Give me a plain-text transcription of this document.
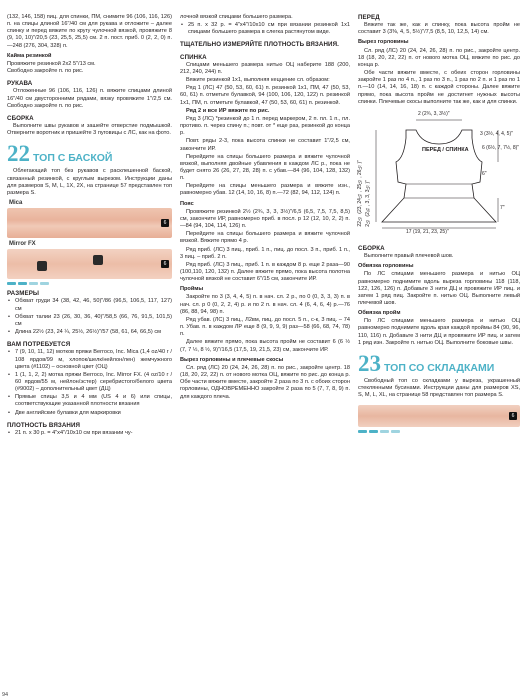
(132, 146, 158) пиц. для спинки, ПМ, снимите 96 (106, 116, 126) п. на спицы длиной 16"/40 см для рукава и отложите – далее спинку и перед вяжите по кругу чулочной вязкой, провяжите 8 (9, 10, 10)"/20,5 (23, 25,5, 25,5) см. 2 п. пост. приб. 0 (2, 2, 0) п.—248 (276, 304, 328) п.

Кайма резинкой

Провяжите резинкой 2х2 5"/13 см.
Свободно закройте п. по рис.

РУКАВА

Отложенные 96 (106, 116, 126) п. вяжите спицами длиной 16"/40 см двусторонними рядами, вязку провяжите 1"/2,5 см. Свободно закройте п. по рис.

СБОРКА

Выполните швы рукавов и зашейте отверстие подмышкой. Отверните воротник и пришейте 3 пуговицы с ЛС, как на фото.

22 ТОП С БАСКОЙ

Облегающий топ без рукавов с расклешенной баской, связанный резинкой, с круглым вырезом. Инструкции даны для размеров S, M, L, 1X, 2X, на странице 57 представлен топ размера S.

Mica
6
Mirror FX
6
РАЗМЕРЫ
• Обхват груди 34 (38, 42, 46, 50)"/86 (96,5, 106,5, 117, 127) см
• Обхват талии 23 (26, 30, 36, 40)"/58,5 (66, 76, 91,5, 101,5) см
• Длина 22½ (23, 24 ¼, 25½, 26½)"/57 (58, 61, 64, 66,5) см
ВАМ ПОТРЕБУЕТСЯ
• 7 (9, 10, 11, 12) мотков пряжи Berroco, Inc. Mica (1,4 oz/40 г / 108 ярдов/99 м, хлопок/шелк/нейлон/лен) жемчужного цвета (#1102) – основной цвет (ОЦ)
• 1 (1, 1, 2, 2) мотка пряжи Berroco, Inc. Mirror FX. (4 oz/10 г / 60 ярдов/55 м, нейлон/эстер) серебристого/белого цвета (#9002) – дополнительный цвет (ДЦ)
• Прямые спицы 3,5 и 4 мм (US 4 и 6) или спицы, соответствующие указанной плотности вязания
• Две английские булавки для маркировки
ПЛОТНОСТЬ ВЯЗАНИЯ
• 21 п. х 30 р. = 4"х4"/10х10 см при вязании чу-

лочной вязкой спицами большего размера.

• 25 п. х 32 р. = 4"х4"/10х10 см при вязании резинкой 1х1 спицами большего размера в слегка растянутом виде.
ТЩАТЕЛЬНО ИЗМЕРЯЙТЕ ПЛОТНОСТЬ ВЯЗАНИЯ.
СПИНКА

Спицами меньшего размера нитью ОЦ наберите 188 (200, 212, 240, 244) п.

Вяжите резинкой 1х1, выполняя кеццение сл. образом:

Ряд 1 (ЛС) 47 (50, 53, 60, 61) п. резинкой 1х1, ПМ, 47 (50, 53, 60, 61) п. отметьте булавкой, 94 (100, 106, 120, 122) п. резинкой 1х1, ПМ, п. отметьте булавкой, 47 (50, 53, 60, 61) п. резинкой.

Ряд 2 и все ИР вяжите по рис.

Ряд 3 (ЛС) *резинкой до 1 п. перед маркером, 2 п. пл. 1 п., пл. противо. п. через спину п.; повт. от * еще раз, резинкой до конца р.

Повт. ряды 2-3, пока высота спинки не составит 1"/2,5 см, закончите ИР.

Перейдите на спицы большего размера и вяжите чулочной вязкой, выполняя двойные убавления в каждом ЛС р., пока не будет снято 26 (26, 27, 28, 28) п. с убав.—84 (96, 104, 128, 132) п.

Перейдите на спицы меньшего размера и вяжите изн., равномерно убав. 12 (14, 10, 16, 8) п.—72 (82, 94, 112, 124) п.

Пояс

Провяжите резинкой 2½ (2¾, 3, 3, 3½)"/6,5 (6,5, 7,5, 7,5, 8,5) см, закончите ИР, равномерно приб. в посл. р 12 (12, 10, 2, 2) п.—84 (94, 104, 114, 126) п.

Перейдите на спицы большего размера и вяжите чулочной вязкой. Вяжите прямо 4 р.

Ряд приб. (ЛС) 3 пиц., приб. 1 п., пиц. до посл. 3 п., приб. 1 п., 3 пиц. – приб. 2 п.

Ряд приб. (ЛС) 3 пиц., приб. 1 п. в каждом 8 р. еще 2 раза—90 (100,110, 120, 132) п. Далее вяжите прямо, пока высота полотна чулочной вязкой не составит 6"/15 см, закончите ИР.

Проймы

Закройте по 3 (3, 4, 4, 5) п. в нач. сл. 2 р., по 0 (0, 3, 3, 3) п. в нач. сл. р 0 (0, 2, 2, 4) р. и по 2 п. в нач. сл. 4 (6, 4, 6, 4) р.—76 (86, 88, 94, 98) п.

Ряд убав. (ЛС) 3 пиц., Л2вм, пиц. до посл. 5 п., с-к, 3 пиц. – 74 п. Убав. п. в каждом ЛР еще 8 (9, 9, 9, 9) раз—58 (66, 68, 74, 78) п.

Далее вяжите прямо, пока высота пройм не составит 6 (6 ½ (7, 7 ½, 8 ½, 9)"/16,5 (17,5, 19, 21,5, 23) см, закончите ИР.

Вырез горловины и плечевые скосы

Сл. ряд (ЛС) 20 (24, 24, 26, 28) п. по рис., закройте центр. 18 (18, 20, 22, 22) п. от нового мотка ОЦ, вяжите по рис. до конца р. Обе части вяжите вместе, закройте 2 раза по 3 п. с обоих сторон горловины, ОДНОВРЕМЕННО закройте 2 раза по 5 (7, 7, 8, 9) п. для каждого плеча.

ПЕРЕД

Вяжите так же, как и спинку, пока высота пройм не составит 3 (3⅜, 4, 5, 5½)"/7,5 (8,5, 10, 12,5, 14) см.

Вырез горловины

Сл. ряд (ЛС) 20 (24, 24, 26, 28) п. по рис., закройте центр. 18 (18, 20, 22, 22) п. от нового мотка ОЦ, вяжите по рис. до конца р.

Обе части вяжите вместе, с обеих сторон горловины закройте 1 раз по 4 п., 1 раз по 3 п., 1 раз по 2 п. и 1 раз по 1 п.—10 (14, 14, 16, 18) п. с каждой стороны. Далее вяжите прямо, пока высота пройм не достигнет нужных высоты спинки. Плечевые скосы выполните так же, как и для спинки.

2 (2¾, 3, 3½)"
ПЕРЕД / СПИНКА
3 (3½, 4, 4, 5)"
6 (6½, 7, 7½, 8)"
7"
6"
22½ (23, 24¼, 25½, 26½)" 2½ (2¾, 3, 3, 3½)"
17 (19, 21, 23, 25)"
СБОРКА

Выполните правый плечевой шов.

Обвязка горловины

По ЛС спицами меньшего размера и нитью ОЦ равномерно поднимите вдоль выреза горловины 118 (118, 122, 126, 126) п. Добавьте 3 нити ДЦ и провяжите ИР пиц. и затем 1 ряд пиц. Закройте п. нитью ОЦ. Выполните левый плечевой шов.

Обвязка пройм

По ЛС спицами меньшего размера и нитью ОЦ равномерно поднимите вдоль края каждой проймы 84 (90, 96, 110, 116) п. Добавьте 3 нити ДЦ и провяжите ИР пиц. и затем 1 ряд изн. Закройте п. нитью ОЦ. Выполните боковые швы.

23 ТОП СО СКЛАДКАМИ

Свободный топ со складками у выреза, украшенный стеклянными бусинами. Инструкции даны для размеров XS, S, M, L, XL, на странице 58 представлен топ размера S.

6
94
